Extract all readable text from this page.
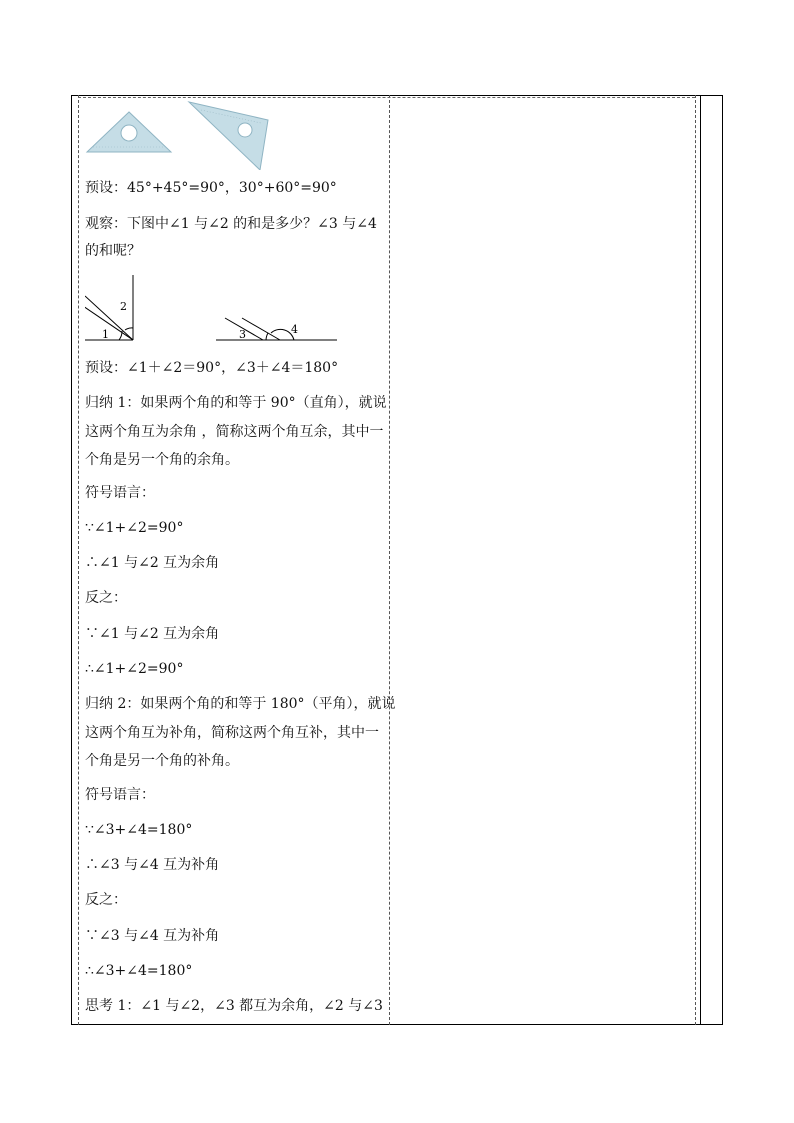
预设：45°+45°=90°，30°+60°=90°
观察：下图中∠1 与∠2 的和是多少？∠3 与∠4
的和呢？
1
2
3	4
预设：∠1＋∠2＝90°，∠3＋∠4＝180°
归纳 1：如果两个角的和等于 90°（直角），就说
这两个角互为余角 ，简称这两个角互余，其中一
个角是另一个角的余角。
符号语言：
∵∠1+∠2=90°
∴∠1 与∠2 互为余角
反之：
∵∠1 与∠2 互为余角
∴∠1+∠2=90°
归纳 2：如果两个角的和等于 180°（平角），就说
这两个角互为补角，简称这两个角互补，其中一
个角是另一个角的补角。
符号语言：
∵∠3+∠4=180°
∴∠3 与∠4 互为补角
反之：
∵∠3 与∠4 互为补角
∴∠3+∠4=180°
思考 1：∠1 与∠2，∠3 都互为余角，∠2 与∠3
